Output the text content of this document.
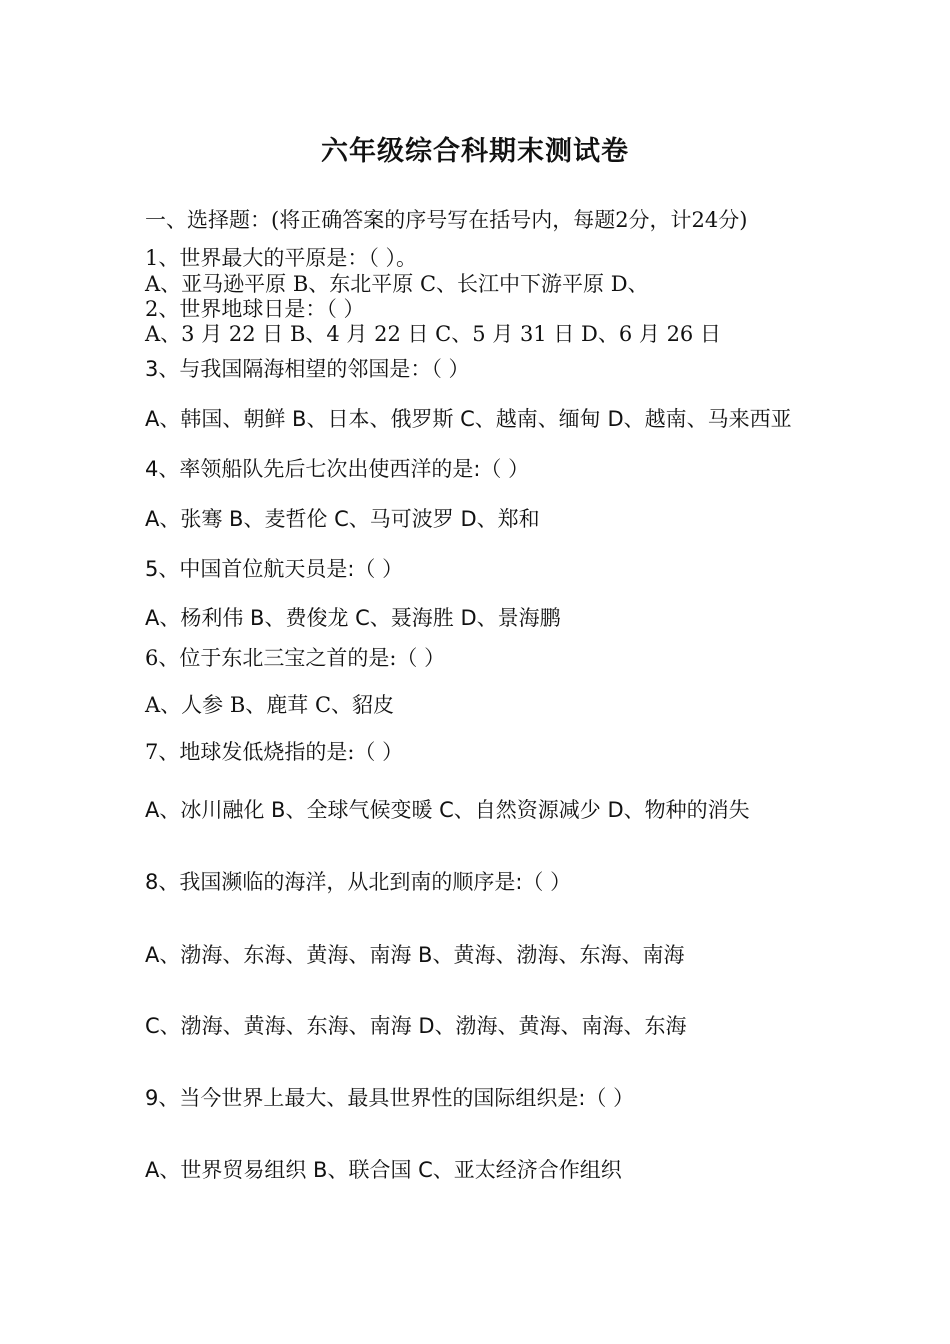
六年级综合科期末测试卷
一、选择题：(将正确答案的序号写在括号内，每题2分，计24分)
1、世界最大的平原是：（ ）。
A、亚马逊平原 B、东北平原 C、长江中下游平原 D、
2、世界地球日是：（ ）
A、3 月 22 日 B、4 月 22 日 C、5 月 31 日 D、6 月 26 日
3、与我国隔海相望的邻国是：（ ）
A、韩国、朝鲜 B、日本、俄罗斯 C、越南、缅甸 D、越南、马来西亚
4、率领船队先后七次出使西洋的是:（ ）
A、张骞 B、麦哲伦 C、马可波罗 D、郑和
5、中国首位航天员是:（ ）
A、杨利伟 B、费俊龙 C、聂海胜 D、景海鹏
6、位于东北三宝之首的是:（ ）
A、人参 B、鹿茸 C、貂皮
7、地球发低烧指的是:（ ）
A、冰川融化 B、全球气候变暖 C、自然资源减少 D、物种的消失
8、我国濒临的海洋，从北到南的顺序是:（ ）
A、渤海、东海、黄海、南海 B、黄海、渤海、东海、南海
C、渤海、黄海、东海、南海 D、渤海、黄海、南海、东海
9、当今世界上最大、最具世界性的国际组织是:（ ）
A、世界贸易组织 B、联合国 C、亚太经济合作组织
